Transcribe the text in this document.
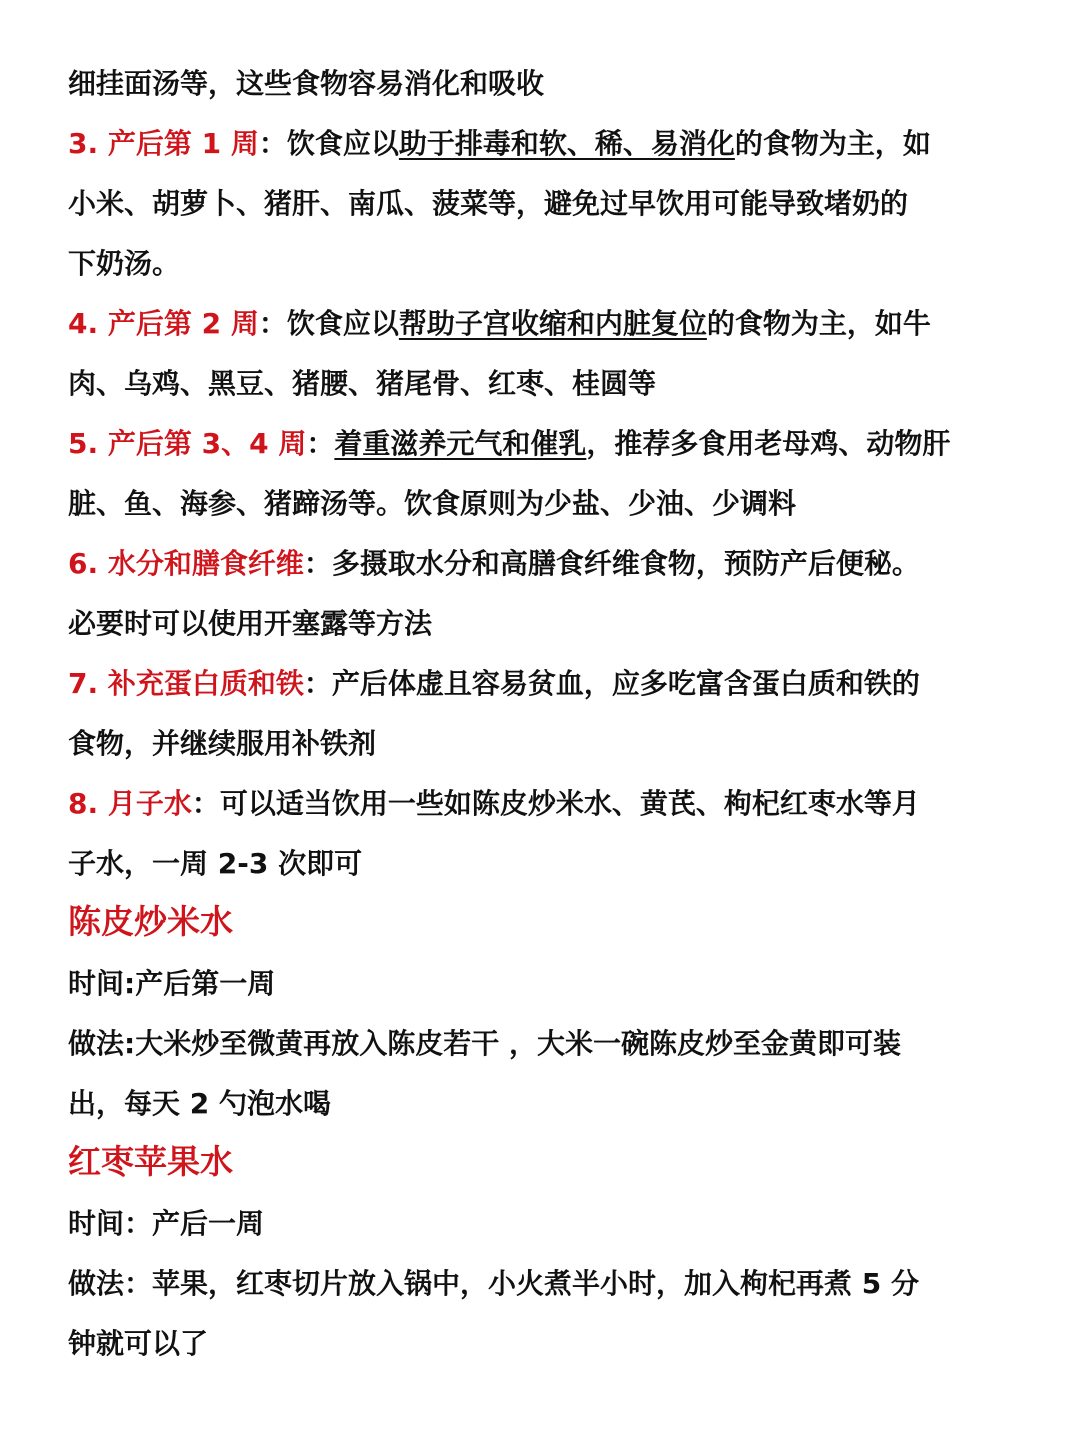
细挂面汤等，这些食物容易消化和吸收
3. 产后第 1 周：饮食应以助于排毒和软、稀、易消化的食物为主，如
小米、胡萝卜、猪肝、南瓜、菠菜等，避免过早饮用可能导致堵奶的
下奶汤。
4. 产后第 2 周：饮食应以帮助子宫收缩和内脏复位的食物为主，如牛
肉、乌鸡、黑豆、猪腰、猪尾骨、红枣、桂圆等
5. 产后第 3、4 周：着重滋养元气和催乳，推荐多食用老母鸡、动物肝
脏、鱼、海参、猪蹄汤等。饮食原则为少盐、少油、少调料
6. 水分和膳食纤维：多摄取水分和高膳食纤维食物，预防产后便秘。
必要时可以使用开塞露等方法
7. 补充蛋白质和铁：产后体虚且容易贫血，应多吃富含蛋白质和铁的
食物，并继续服用补铁剂
8. 月子水：可以适当饮用一些如陈皮炒米水、黄芪、枸杞红枣水等月
子水，一周 2-3 次即可
陈皮炒米水
时间:产后第一周
做法:大米炒至微黄再放入陈皮若干 ，大米一碗陈皮炒至金黄即可装
出，每天 2 勺泡水喝
红枣苹果水
时间：产后一周
做法：苹果，红枣切片放入锅中，小火煮半小时，加入枸杞再煮 5 分
钟就可以了
